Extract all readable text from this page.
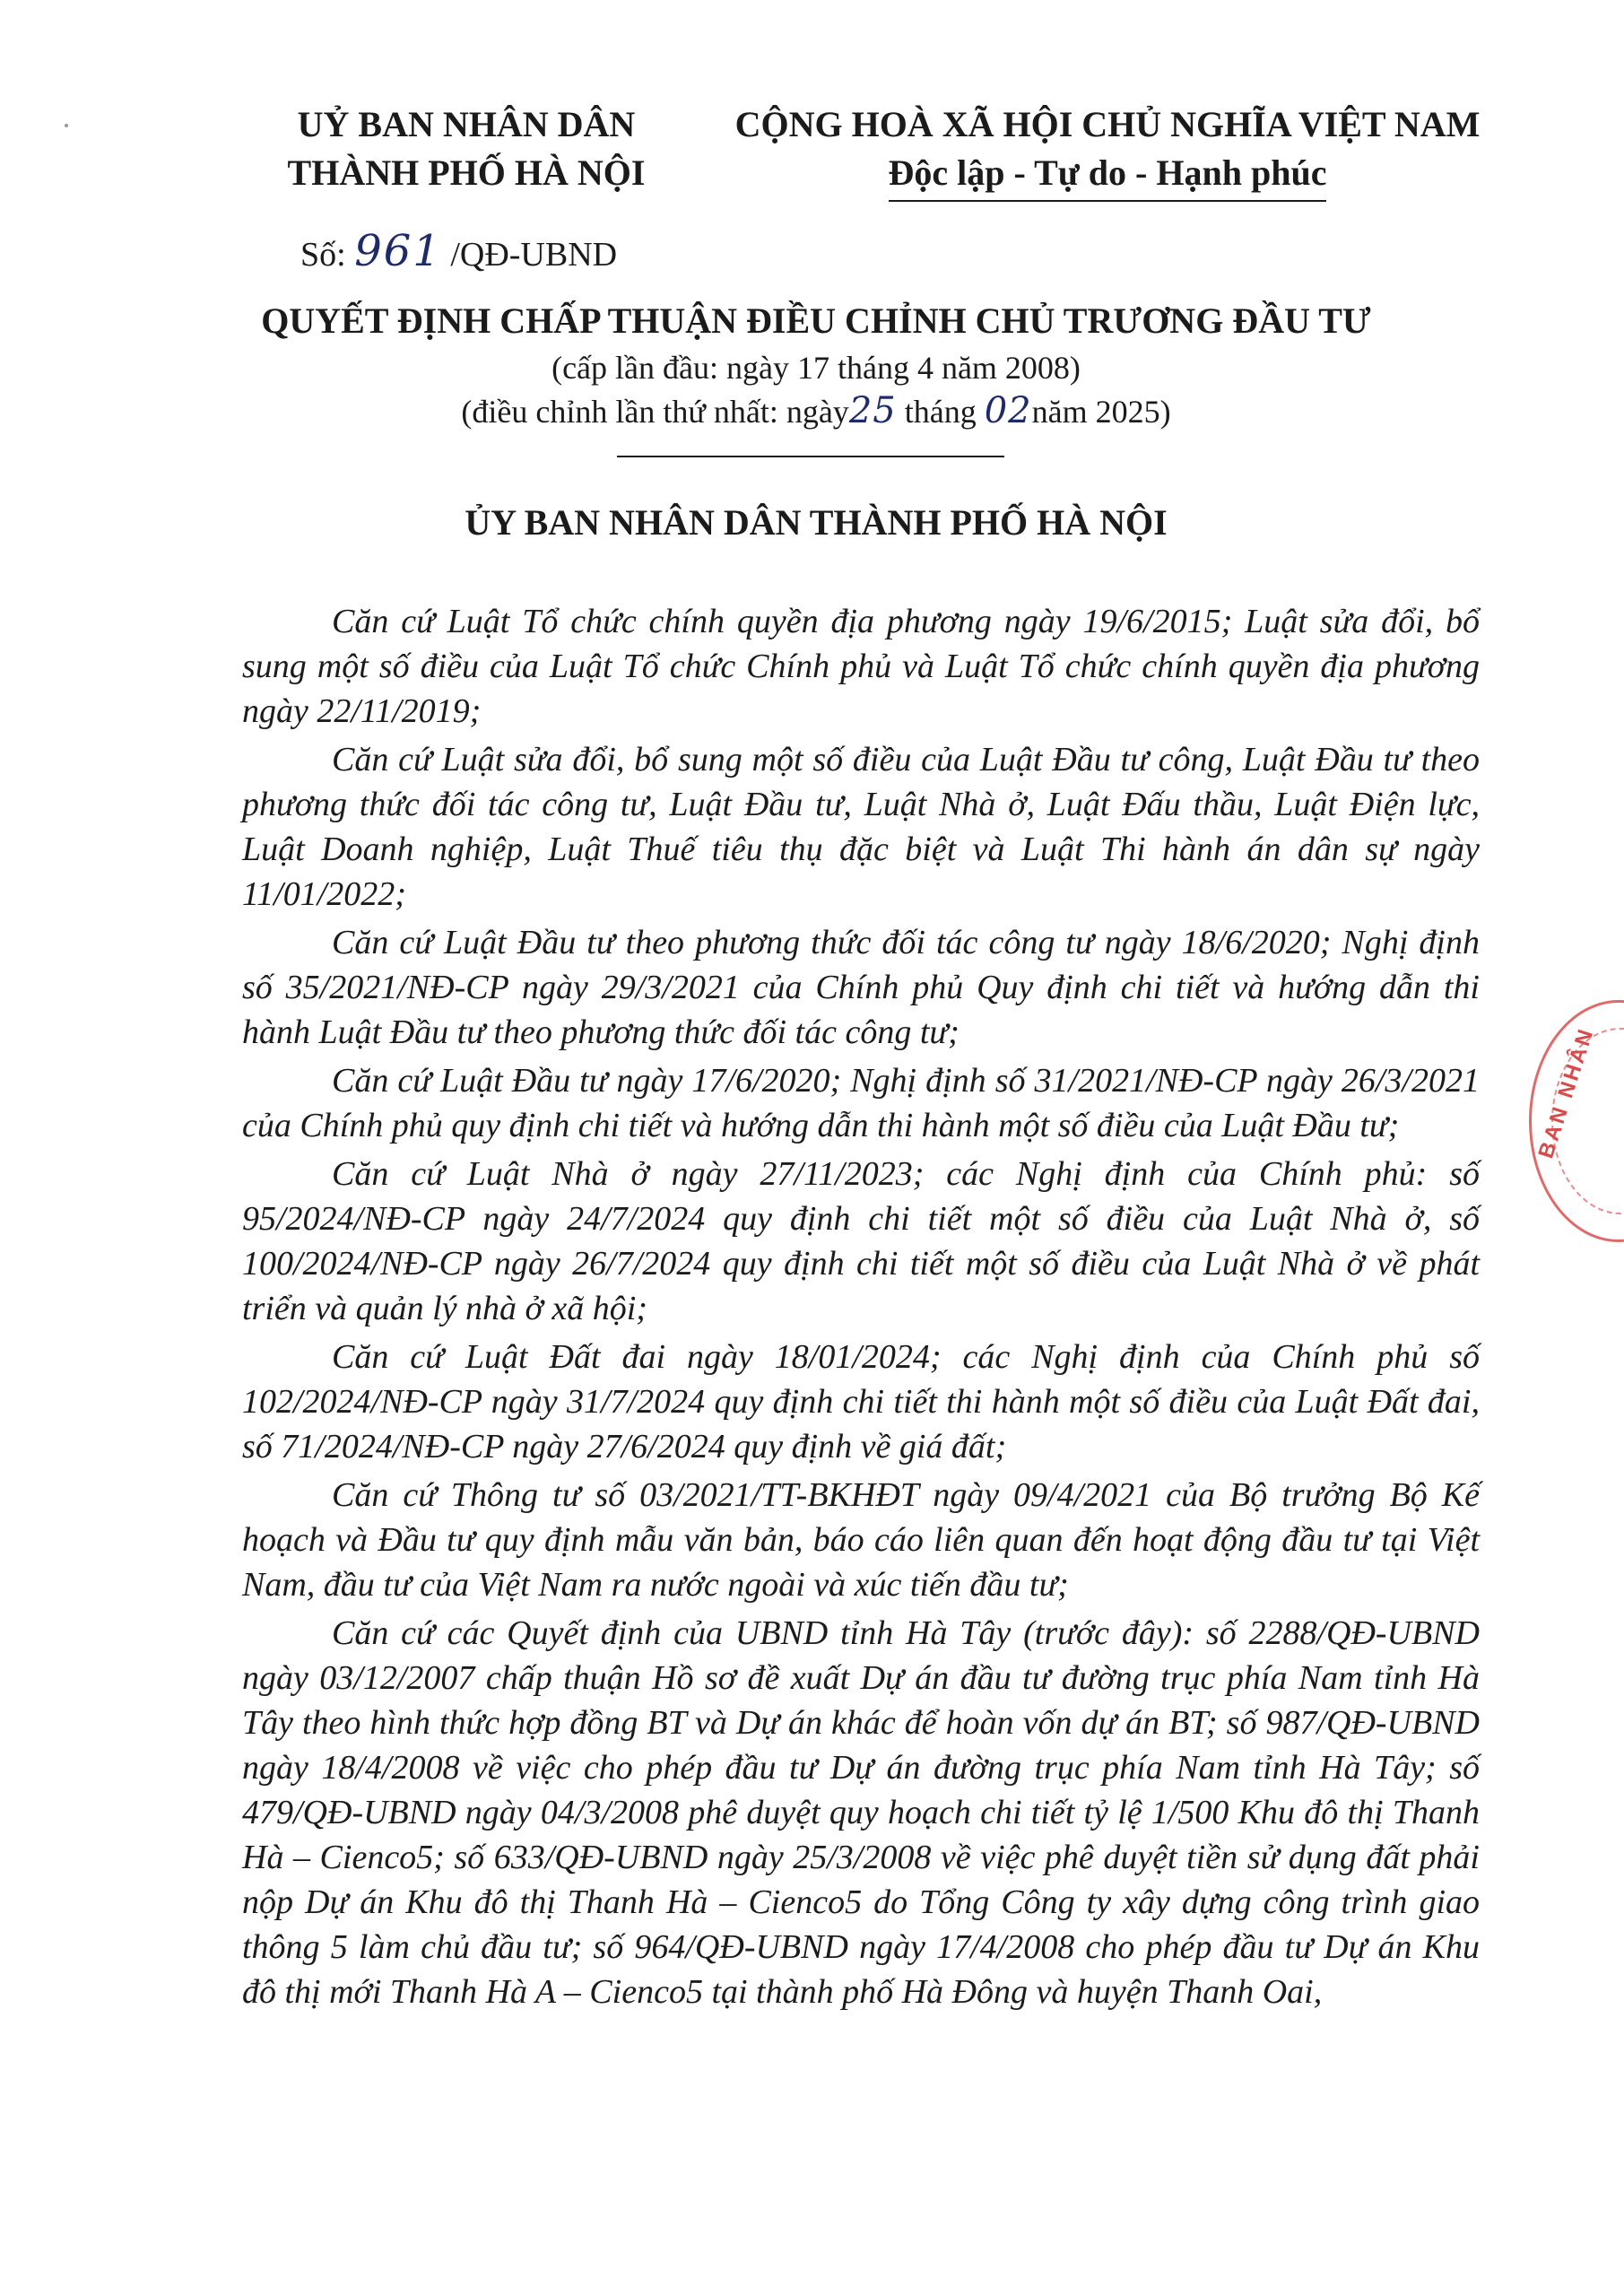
UỶ BAN NHÂN DÂN
THÀNH PHỐ HÀ NỘI
CỘNG HOÀ XÃ HỘI CHỦ NGHĨA VIỆT NAM
Độc lập - Tự do - Hạnh phúc
Số: 961 /QĐ-UBND
QUYẾT ĐỊNH CHẤP THUẬN ĐIỀU CHỈNH CHỦ TRƯƠNG ĐẦU TƯ
(cấp lần đầu: ngày 17 tháng 4 năm 2008)
(điều chỉnh lần thứ nhất: ngày25 tháng 02năm 2025)
ỦY BAN NHÂN DÂN THÀNH PHỐ HÀ NỘI

Căn cứ Luật Tổ chức chính quyền địa phương ngày 19/6/2015; Luật sửa đổi, bổ sung một số điều của Luật Tổ chức Chính phủ và Luật Tổ chức chính quyền địa phương ngày 22/11/2019;

Căn cứ Luật sửa đổi, bổ sung một số điều của Luật Đầu tư công, Luật Đầu tư theo phương thức đối tác công tư, Luật Đầu tư, Luật Nhà ở, Luật Đấu thầu, Luật Điện lực, Luật Doanh nghiệp, Luật Thuế tiêu thụ đặc biệt và Luật Thi hành án dân sự ngày 11/01/2022;

Căn cứ Luật Đầu tư theo phương thức đối tác công tư ngày 18/6/2020; Nghị định số 35/2021/NĐ-CP ngày 29/3/2021 của Chính phủ Quy định chi tiết và hướng dẫn thi hành Luật Đầu tư theo phương thức đối tác công tư;

Căn cứ Luật Đầu tư ngày 17/6/2020; Nghị định số 31/2021/NĐ-CP ngày 26/3/2021 của Chính phủ quy định chi tiết và hướng dẫn thi hành một số điều của Luật Đầu tư;

Căn cứ Luật Nhà ở ngày 27/11/2023; các Nghị định của Chính phủ: số 95/2024/NĐ-CP ngày 24/7/2024 quy định chi tiết một số điều của Luật Nhà ở, số 100/2024/NĐ-CP ngày 26/7/2024 quy định chi tiết một số điều của Luật Nhà ở về phát triển và quản lý nhà ở xã hội;

Căn cứ Luật Đất đai ngày 18/01/2024; các Nghị định của Chính phủ số 102/2024/NĐ-CP ngày 31/7/2024 quy định chi tiết thi hành một số điều của Luật Đất đai, số 71/2024/NĐ-CP ngày 27/6/2024 quy định về giá đất;

Căn cứ Thông tư số 03/2021/TT-BKHĐT ngày 09/4/2021 của Bộ trưởng Bộ Kế hoạch và Đầu tư quy định mẫu văn bản, báo cáo liên quan đến hoạt động đầu tư tại Việt Nam, đầu tư của Việt Nam ra nước ngoài và xúc tiến đầu tư;

Căn cứ các Quyết định của UBND tỉnh Hà Tây (trước đây): số 2288/QĐ-UBND ngày 03/12/2007 chấp thuận Hồ sơ đề xuất Dự án đầu tư đường trục phía Nam tỉnh Hà Tây theo hình thức hợp đồng BT và Dự án khác để hoàn vốn dự án BT; số 987/QĐ-UBND ngày 18/4/2008 về việc cho phép đầu tư Dự án đường trục phía Nam tỉnh Hà Tây; số 479/QĐ-UBND ngày 04/3/2008 phê duyệt quy hoạch chi tiết tỷ lệ 1/500 Khu đô thị Thanh Hà – Cienco5; số 633/QĐ-UBND ngày 25/3/2008 về việc phê duyệt tiền sử dụng đất phải nộp Dự án Khu đô thị Thanh Hà – Cienco5 do Tổng Công ty xây dựng công trình giao thông 5 làm chủ đầu tư; số 964/QĐ-UBND ngày 17/4/2008 cho phép đầu tư Dự án Khu đô thị mới Thanh Hà A – Cienco5 tại thành phố Hà Đông và huyện Thanh Oai,

BAN NHÂN
